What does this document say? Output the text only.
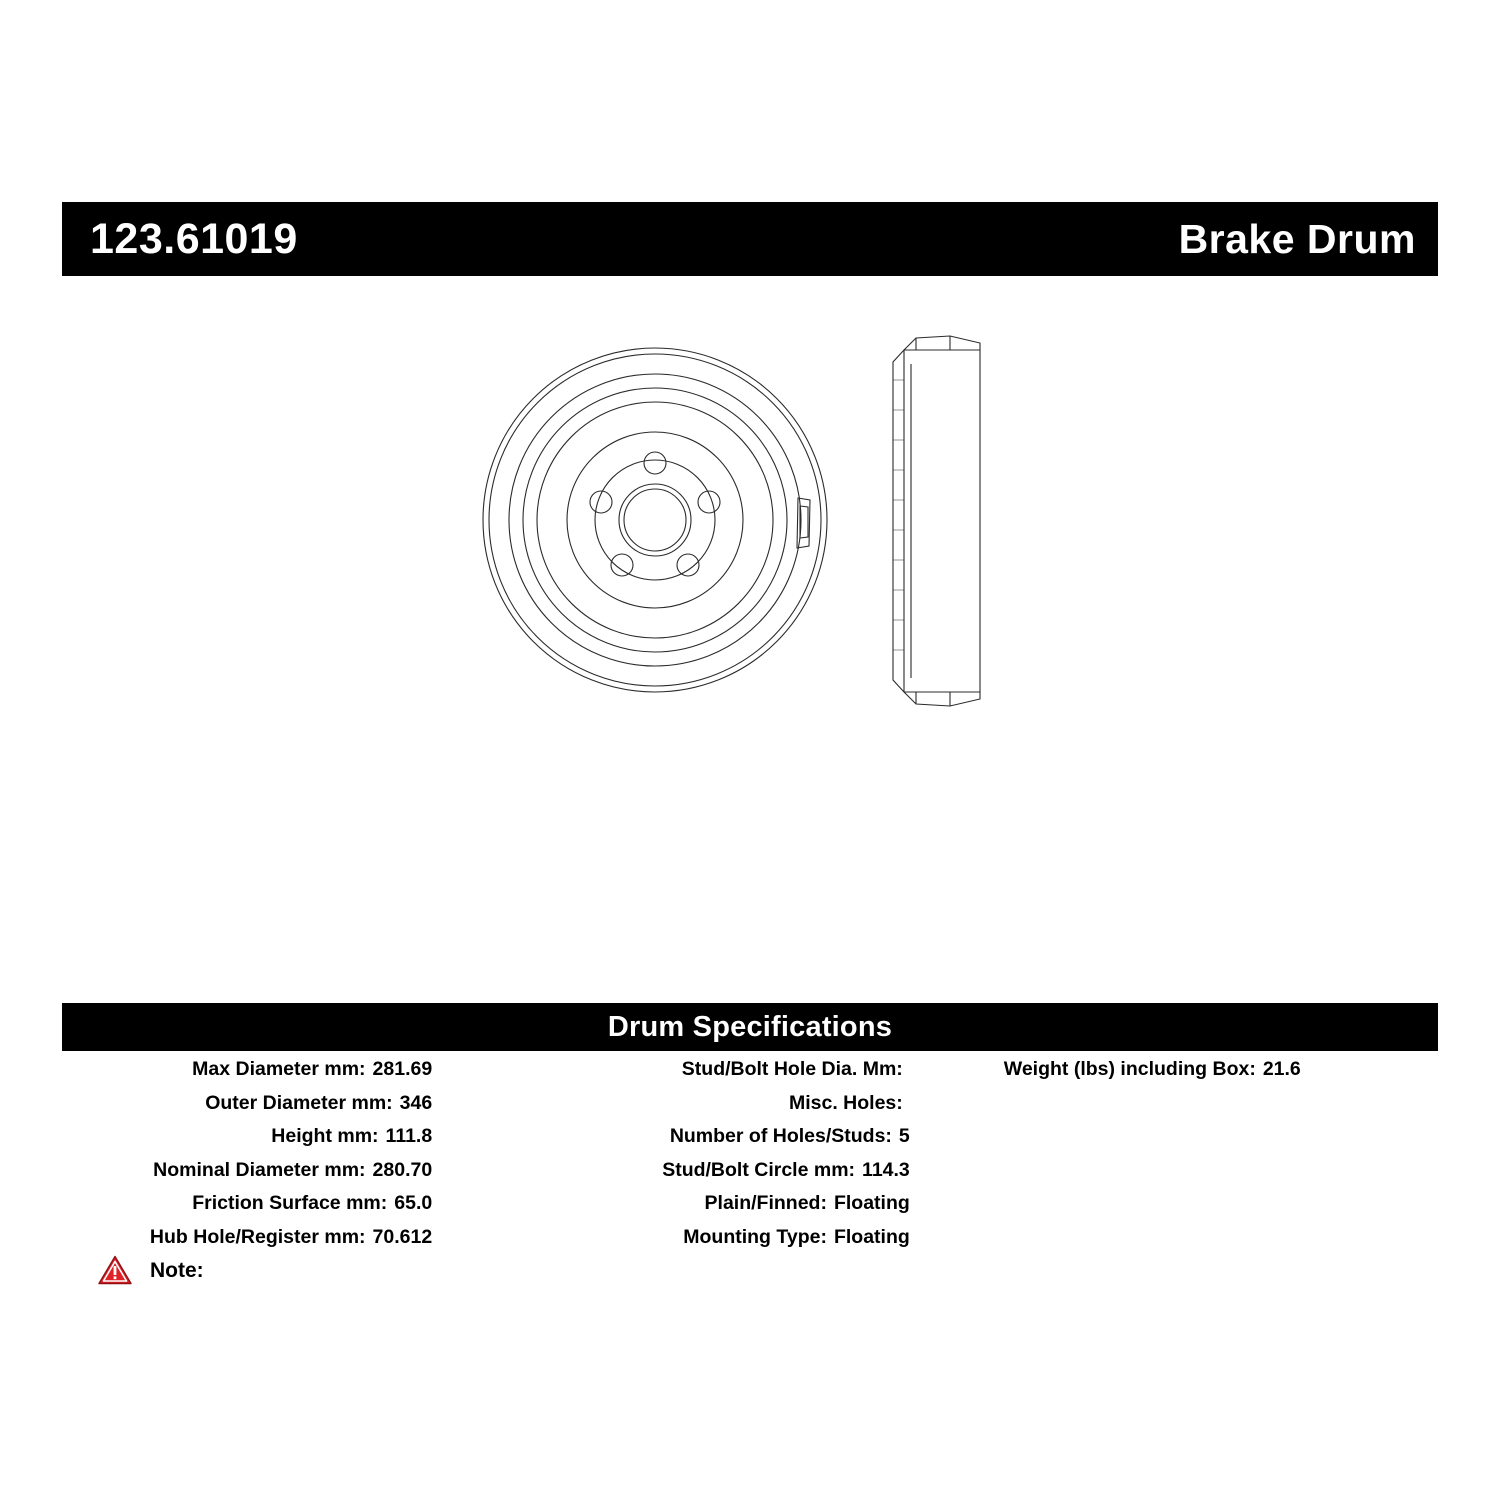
123.61019	Brake Drum
Drum Specifications
Max Diameter mm: 281.69
Outer Diameter mm: 346
Height mm: 111.8
Nominal Diameter mm: 280.70
Friction Surface mm: 65.0
Hub Hole/Register mm: 70.612
Stud/Bolt Hole Dia. Mm:
Misc. Holes:
Number of Holes/Studs: 5
Stud/Bolt Circle mm: 114.3
Plain/Finned: Floating
Mounting Type: Floating
Weight (lbs) including Box: 21.6
Note:
